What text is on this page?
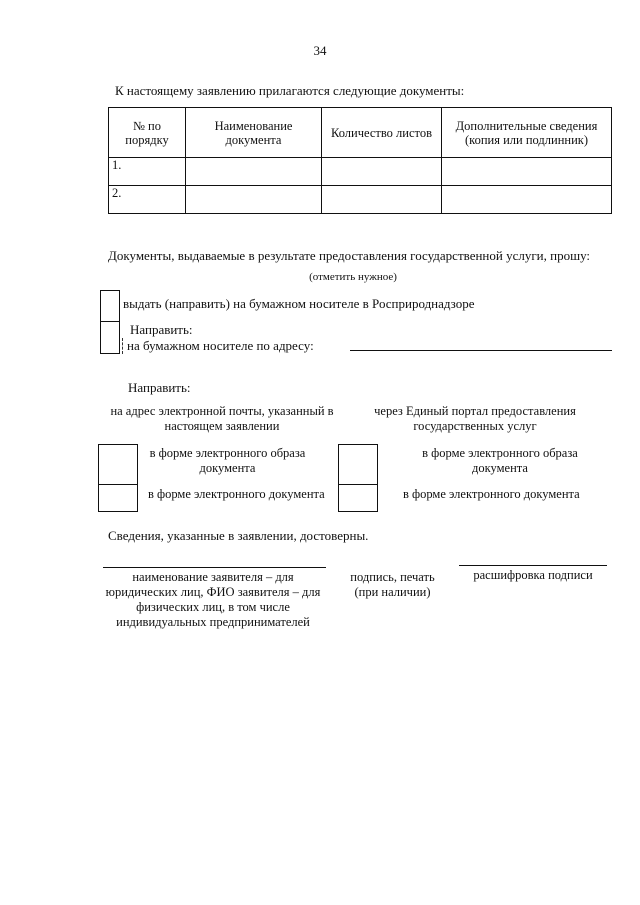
34
К настоящему заявлению прилагаются следующие документы:
№ по порядку	Наименование документа	Количество листов	Дополнительные сведения (копия или подлинник)
1.			
2.			
Документы, выдаваемые в результате предоставления государственной услуги, прошу:
(отметить нужное)
выдать (направить) на бумажном носителе в Росприроднадзоре
Направить:
на бумажном носителе по адресу:
Направить:
на адрес электронной почты, указанный в настоящем заявлении
в форме электронного образа документа
в форме электронного документа
через Единый портал предоставления государственных услуг
в форме электронного образа документа
в форме электронного документа
Сведения, указанные в заявлении, достоверны.
наименование заявителя – для юридических лиц, ФИО заявителя – для физических лиц, в том числе индивидуальных предпринимателей
подпись, печать (при наличии)
расшифровка подписи
